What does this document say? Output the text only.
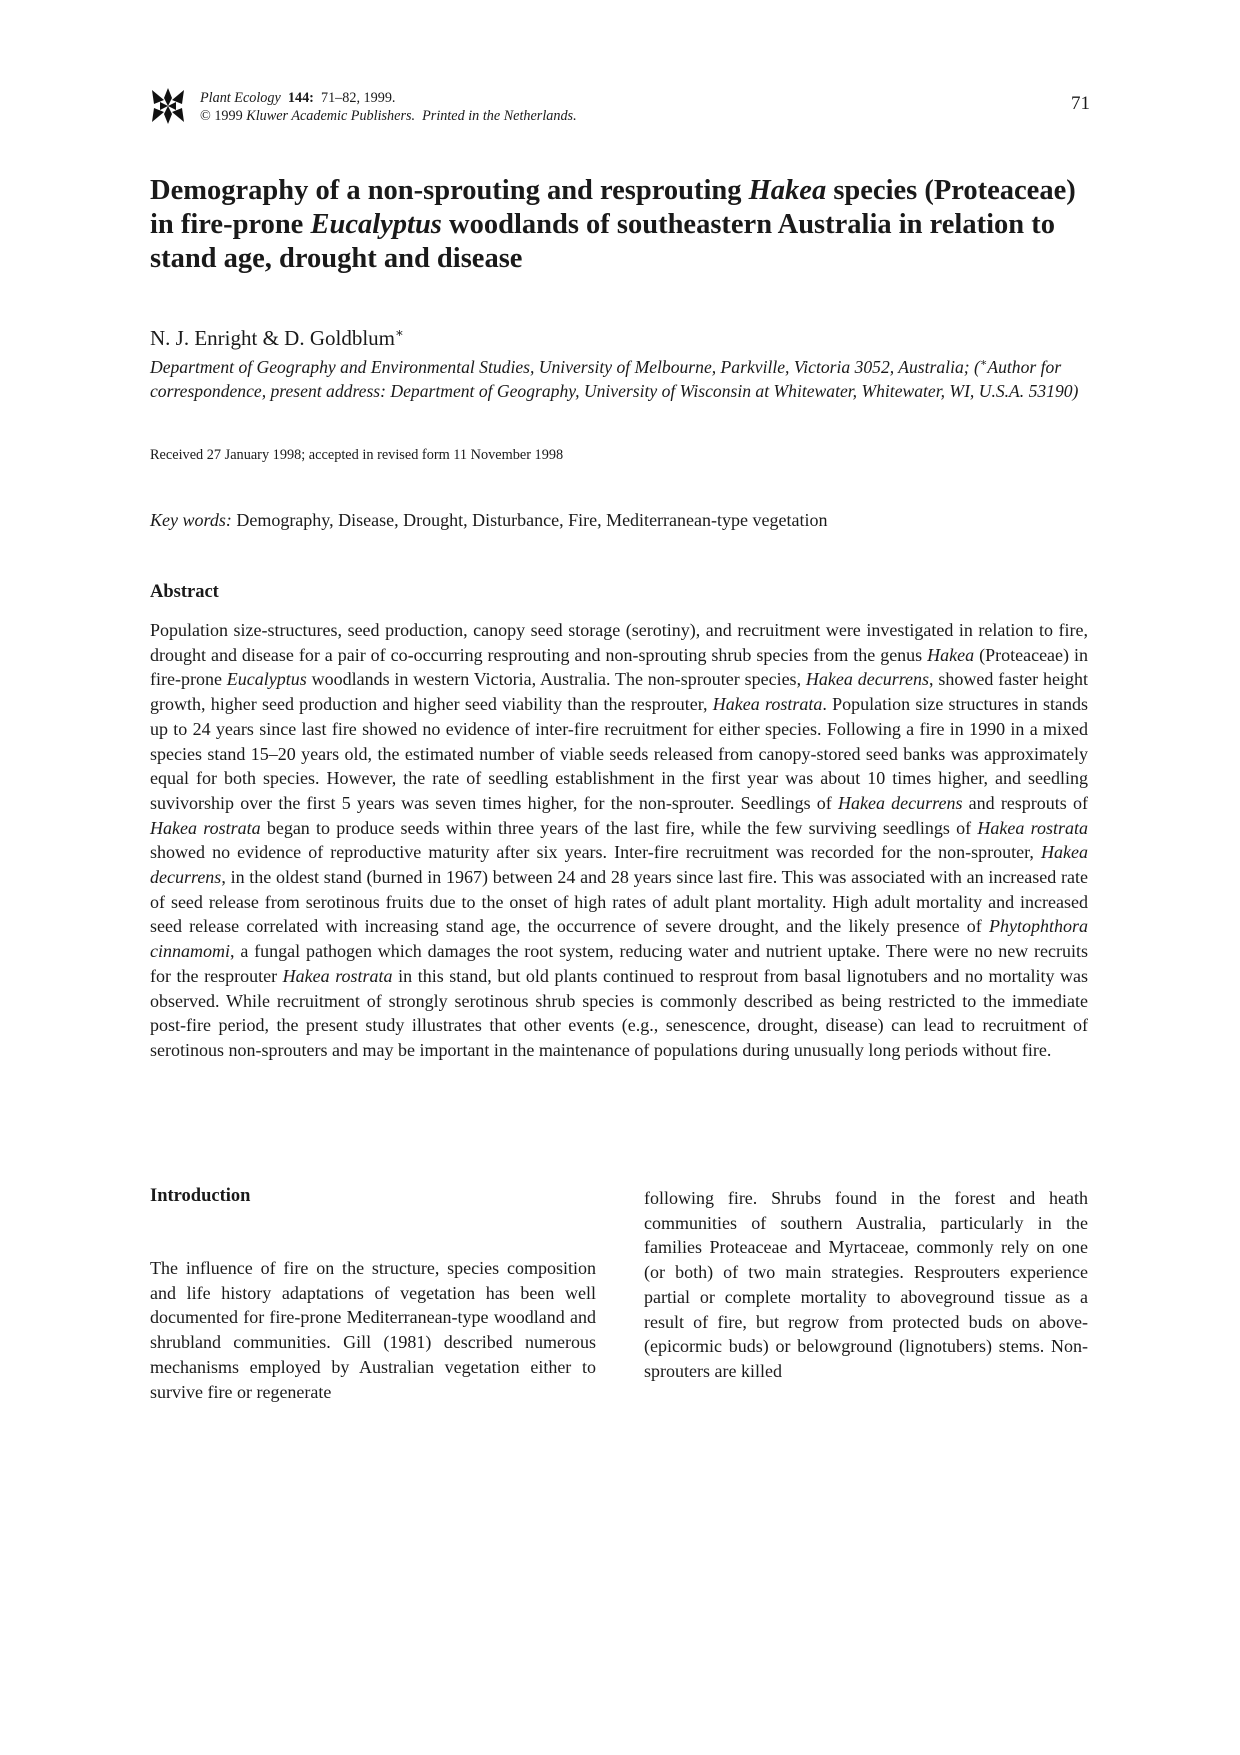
Plant Ecology 144: 71–82, 1999.
© 1999 Kluwer Academic Publishers. Printed in the Netherlands.
71
Demography of a non-sprouting and resprouting Hakea species (Proteaceae) in fire-prone Eucalyptus woodlands of southeastern Australia in relation to stand age, drought and disease
N. J. Enright & D. Goldblum∗
Department of Geography and Environmental Studies, University of Melbourne, Parkville, Victoria 3052, Australia; (∗Author for correspondence, present address: Department of Geography, University of Wisconsin at Whitewater, Whitewater, WI, U.S.A. 53190)
Received 27 January 1998; accepted in revised form 11 November 1998
Key words: Demography, Disease, Drought, Disturbance, Fire, Mediterranean-type vegetation
Abstract
Population size-structures, seed production, canopy seed storage (serotiny), and recruitment were investigated in relation to fire, drought and disease for a pair of co-occurring resprouting and non-sprouting shrub species from the genus Hakea (Proteaceae) in fire-prone Eucalyptus woodlands in western Victoria, Australia. The non-sprouter species, Hakea decurrens, showed faster height growth, higher seed production and higher seed viability than the resprouter, Hakea rostrata. Population size structures in stands up to 24 years since last fire showed no evidence of inter-fire recruitment for either species. Following a fire in 1990 in a mixed species stand 15–20 years old, the estimated number of viable seeds released from canopy-stored seed banks was approximately equal for both species. However, the rate of seedling establishment in the first year was about 10 times higher, and seedling suvivorship over the first 5 years was seven times higher, for the non-sprouter. Seedlings of Hakea decurrens and resprouts of Hakea rostrata began to produce seeds within three years of the last fire, while the few surviving seedlings of Hakea rostrata showed no evidence of reproductive maturity after six years. Inter-fire recruitment was recorded for the non-sprouter, Hakea decurrens, in the oldest stand (burned in 1967) between 24 and 28 years since last fire. This was associated with an increased rate of seed release from serotinous fruits due to the onset of high rates of adult plant mortality. High adult mortality and increased seed release correlated with increasing stand age, the occurrence of severe drought, and the likely presence of Phytophthora cinnamomi, a fungal pathogen which damages the root system, reducing water and nutrient uptake. There were no new recruits for the resprouter Hakea rostrata in this stand, but old plants continued to resprout from basal lignotubers and no mortality was observed. While recruitment of strongly serotinous shrub species is commonly described as being restricted to the immediate post-fire period, the present study illustrates that other events (e.g., senescence, drought, disease) can lead to recruitment of serotinous non-sprouters and may be important in the maintenance of populations during unusually long periods without fire.
Introduction
The influence of fire on the structure, species composition and life history adaptations of vegetation has been well documented for fire-prone Mediterranean-type woodland and shrubland communities. Gill (1981) described numerous mechanisms employed by Australian vegetation either to survive fire or regenerate
following fire. Shrubs found in the forest and heath communities of southern Australia, particularly in the families Proteaceae and Myrtaceae, commonly rely on one (or both) of two main strategies. Resprouters experience partial or complete mortality to aboveground tissue as a result of fire, but regrow from protected buds on above- (epicormic buds) or belowground (lignotubers) stems. Non-sprouters are killed
